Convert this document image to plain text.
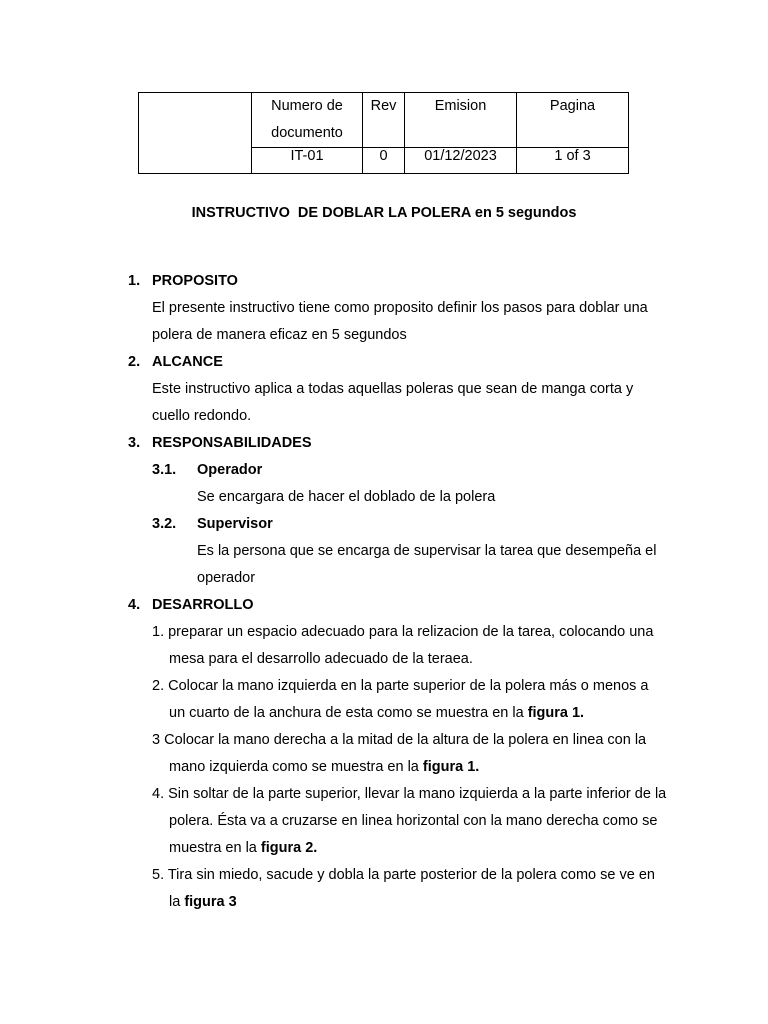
	Numero de documento	Rev	Emision	Pagina
	IT-01	0	01/12/2023	1 of 3
INSTRUCTIVO  DE DOBLAR LA POLERA en 5 segundos
1. PROPOSITO
El presente instructivo tiene como proposito definir los pasos para doblar una polera de manera eficaz en 5 segundos
2. ALCANCE
Este instructivo aplica a todas aquellas poleras que sean de manga corta y cuello redondo.
3. RESPONSABILIDADES
3.1.	Operador
Se encargara de hacer el doblado de la polera
3.2.	Supervisor
Es la persona que se encarga de supervisar la tarea que desempeña el operador
4. DESARROLLO
1. preparar un espacio adecuado para la relizacion de la tarea, colocando una mesa para el desarrollo adecuado de la teraea.
2. Colocar la mano izquierda en la parte superior de la polera más o menos a un cuarto de la anchura de esta como se muestra en la figura 1.
3 Colocar la mano derecha a la mitad de la altura de la polera en linea con la mano izquierda como se muestra en la figura 1.
4. Sin soltar de la parte superior, llevar la mano izquierda a la parte inferior de la polera. Ésta va a cruzarse en linea horizontal con la mano derecha como se muestra en la figura 2.
5. Tira sin miedo, sacude y dobla la parte posterior de la polera como se ve en la figura 3
